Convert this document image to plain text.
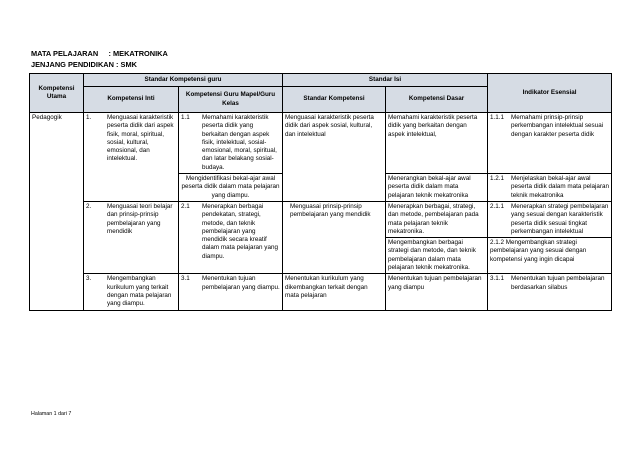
MATA PELAJARAN     : MEKATRONIKA
JENJANG PENDIDIKAN : SMK
Kompetensi Utama	Standar Kompetensi guru		Standar Isi		Indikator Esensial
	Kompetensi Inti	Kompetensi Guru Mapel/Guru Kelas	Standar Kompetensi	Kompetensi Dasar	
Pedagogik	1. Menguasai karakteristik peserta didik dari aspek fisik, moral, spiritual, sosial, kultural, emosional, dan intelektual.	1.1 Memahami karakteristik peserta didik yang berkaitan dengan aspek fisik, intelektual, sosial-emosional, moral, spiritual, dan latar belakang sosial-budaya.	Menguasai karakteristik peserta didik dari aspek sosial, kultural, dan intelektual	Memahami karakteristik peserta didik yang berkaitan dengan aspek intelektual,	1.1.1 Memahami prinsip-prinsip perkembangan intelektual sesuai dengan karakter peserta didik

		Mengidentifikasi bekal-ajar awal peserta didik dalam mata pelajaran yang diampu.		Menerangkan bekal-ajar awal peserta didik dalam mata pelajaran teknik mekatronika	1.2.1 Menjelaskan bekal-ajar awal peserta didik dalam mata pelajaran teknik mekatronika

	2. Menguasai teori belajar dan prinsip-prinsip pembelajaran yang mendidik	2.1 Menerapkan berbagai pendekatan, strategi, metode, dan teknik pembelajaran yang mendidik secara kreatif dalam mata pelajaran yang diampu.	Menguasai prinsip-prinsip pembelajaran yang mendidik	Menerapkan berbagai, strategi, dan metode, pembelajaran pada mata pelajaran teknik mekatronika.	2.1.1 Menerapkan strategi pembelajaran yang sesuai dengan karakteristik peserta didik sesuai tingkat perkembangan intelektual

				Mengembangkan berbagai strategi dan metode, dan teknik pembelajaran dalam mata pelajaran teknik mekatronika.	2.1.2 Mengembangkan strategi pembelajaran yang sesuai dengan kompetensi yang ingin dicapai

	3. Mengembangkan kurikulum yang terkait dengan mata pelajaran yang diampu.	3.1 Menentukan tujuan pembelajaran yang diampu.	Menentukan kurikulum yang dikembangkan terkait dengan mata pelajaran	Menentukan tujuan pembelajaran yang diampu	3.1.1 Menentukan tujuan pembelajaran berdasarkan silabus
Halaman 1 dari 7
